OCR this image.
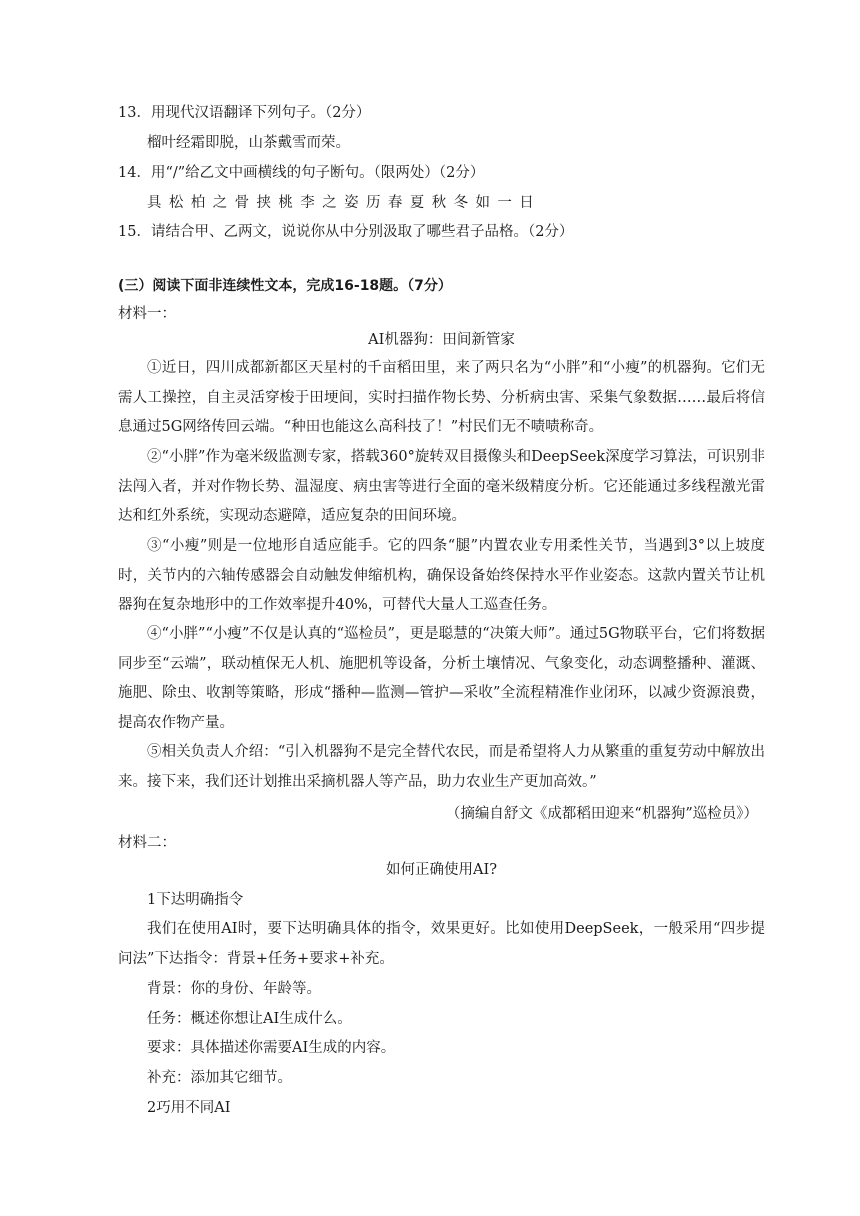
13．用现代汉语翻译下列句子。（2分）
榴叶经霜即脱，山茶戴雪而荣。
14．用“/”给乙文中画横线的句子断句。（限两处）（2分）
具松柏之骨挟桃李之姿历春夏秋冬如一日
15．请结合甲、乙两文，说说你从中分别汲取了哪些君子品格。（2分）
(三）阅读下面非连续性文本，完成16-18题。（7分）
材料一：
AI机器狗：田间新管家
①近日，四川成都新都区天星村的千亩稻田里，来了两只名为“小胖”和“小瘦”的机器狗。它们无需人工操控，自主灵活穿梭于田埂间，实时扫描作物长势、分析病虫害、采集气象数据……最后将信息通过5G网络传回云端。“种田也能这么高科技了！”村民们无不啧啧称奇。
②“小胖”作为毫米级监测专家，搭载360°旋转双目摄像头和DeepSeek深度学习算法，可识别非法闯入者，并对作物长势、温湿度、病虫害等进行全面的毫米级精度分析。它还能通过多线程激光雷达和红外系统，实现动态避障，适应复杂的田间环境。
③“小瘦”则是一位地形自适应能手。它的四条“腿”内置农业专用柔性关节，当遇到3°以上坡度时，关节内的六轴传感器会自动触发伸缩机构，确保设备始终保持水平作业姿态。这款内置关节让机器狗在复杂地形中的工作效率提升40%，可替代大量人工巡查任务。
④“小胖”“小瘦”不仅是认真的“巡检员”，更是聪慧的“决策大师”。通过5G物联平台，它们将数据同步至“云端”，联动植保无人机、施肥机等设备，分析土壤情况、气象变化，动态调整播种、灌溉、施肥、除虫、收割等策略，形成“播种—监测—管护—采收”全流程精准作业闭环，以减少资源浪费，提高农作物产量。
⑤相关负责人介绍：“引入机器狗不是完全替代农民，而是希望将人力从繁重的重复劳动中解放出来。接下来，我们还计划推出采摘机器人等产品，助力农业生产更加高效。”
（摘编自舒文《成都稻田迎来“机器狗”巡检员》）
材料二：
如何正确使用AI?
1下达明确指令
我们在使用AI时，要下达明确具体的指令，效果更好。比如使用DeepSeek，一般采用“四步提问法”下达指令：背景+任务+要求+补充。
背景：你的身份、年龄等。
任务：概述你想让AI生成什么。
要求：具体描述你需要AI生成的内容。
补充：添加其它细节。
2巧用不同AI
